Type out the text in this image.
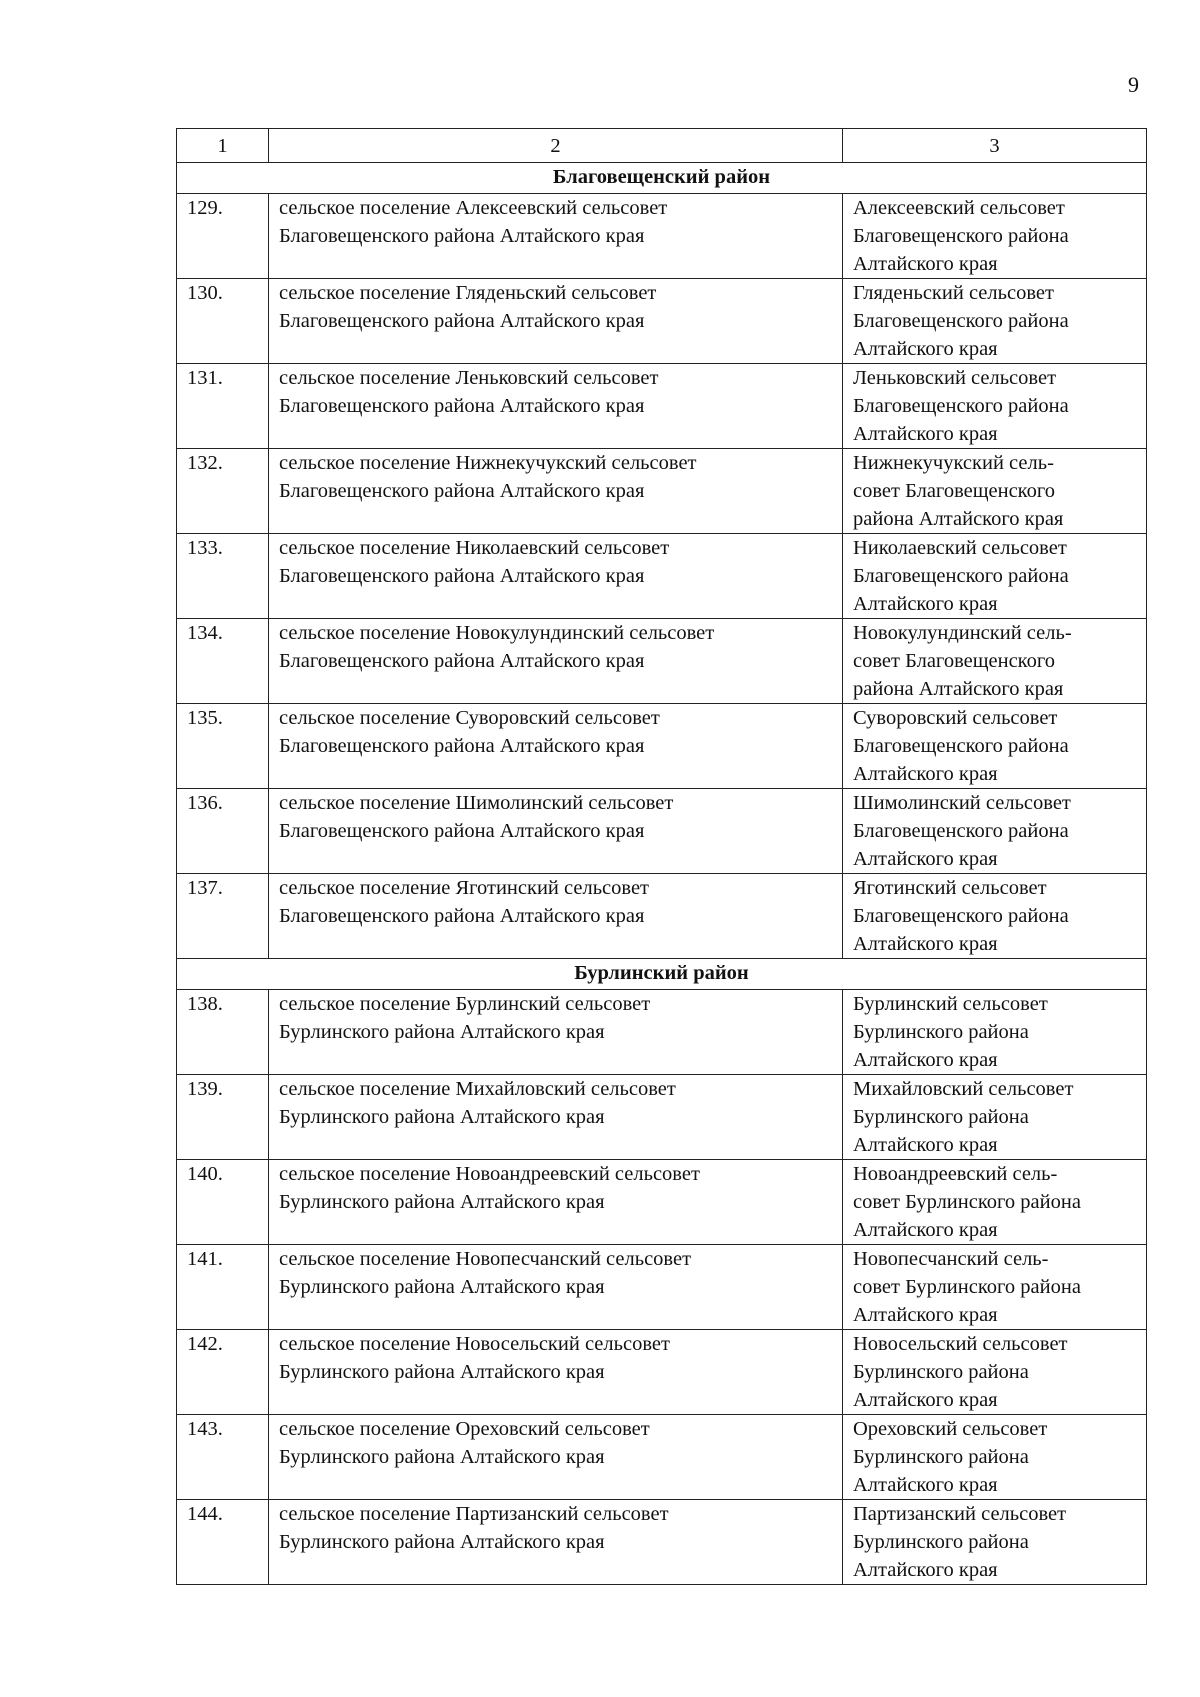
9
1	2	3
Благовещенский район		
129.	сельское поселение Алексеевский сельсовет
Благовещенского района Алтайского края	Алексеевский сельсовет
Благовещенского района
Алтайского края

130.	сельское поселение Гляденьский сельсовет
Благовещенского района Алтайского края	Гляденьский сельсовет
Благовещенского района
Алтайского края

131.	сельское поселение Леньковский сельсовет
Благовещенского района Алтайского края	Леньковский сельсовет
Благовещенского района
Алтайского края

132.	сельское поселение Нижнекучукский сельсовет
Благовещенского района Алтайского края	Нижнекучукский сель-
совет Благовещенского
района Алтайского края

133.	сельское поселение Николаевский сельсовет
Благовещенского района Алтайского края	Николаевский сельсовет
Благовещенского района
Алтайского края

134.	сельское поселение Новокулундинский сельсовет
Благовещенского района Алтайского края	Новокулундинский сель-
совет Благовещенского
района Алтайского края

135.	сельское поселение Суворовский сельсовет
Благовещенского района Алтайского края	Суворовский сельсовет
Благовещенского района
Алтайского края

136.	сельское поселение Шимолинский сельсовет
Благовещенского района Алтайского края	Шимолинский сельсовет
Благовещенского района
Алтайского края

137.	сельское поселение Яготинский сельсовет
Благовещенского района Алтайского края	Яготинский сельсовет
Благовещенского района
Алтайского края

Бурлинский район		
138.	сельское поселение Бурлинский сельсовет
Бурлинского района Алтайского края	Бурлинский сельсовет
Бурлинского района
Алтайского края

139.	сельское поселение Михайловский сельсовет
Бурлинского района Алтайского края	Михайловский сельсовет
Бурлинского района
Алтайского края

140.	сельское поселение Новоандреевский сельсовет
Бурлинского района Алтайского края	Новоандреевский сель-
совет Бурлинского района
Алтайского края

141.	сельское поселение Новопесчанский сельсовет
Бурлинского района Алтайского края	Новопесчанский сель-
совет Бурлинского района
Алтайского края

142.	сельское поселение Новосельский сельсовет
Бурлинского района Алтайского края	Новосельский сельсовет
Бурлинского района
Алтайского края

143.	сельское поселение Ореховский сельсовет
Бурлинского района Алтайского края	Ореховский сельсовет
Бурлинского района
Алтайского края

144.	сельское поселение Партизанский сельсовет
Бурлинского района Алтайского края	Партизанский сельсовет
Бурлинского района
Алтайского края
